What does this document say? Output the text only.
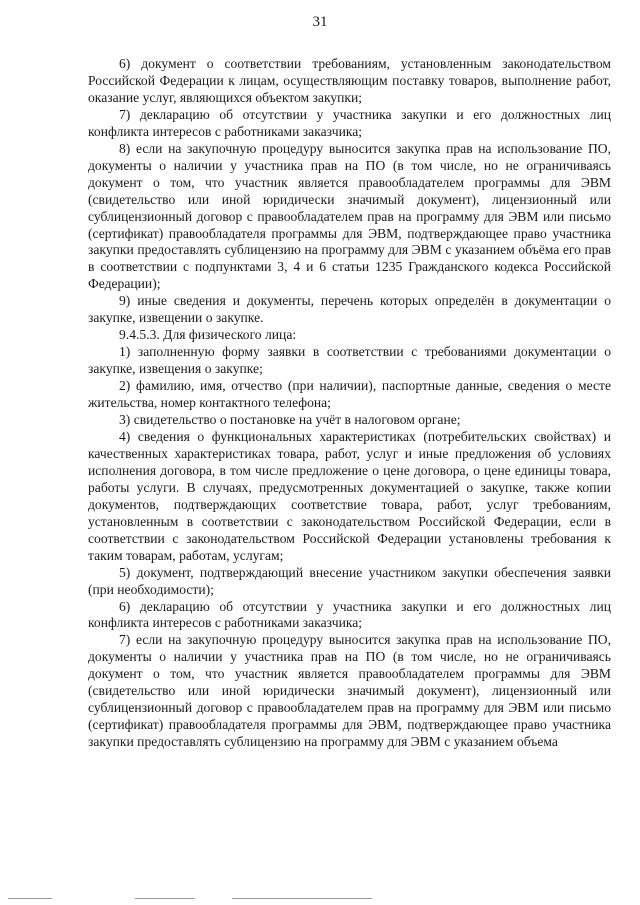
31

6) документ о соответствии требованиям, установленным законодательством Российской Федерации к лицам, осуществляющим поставку товаров, выполнение работ, оказание услуг, являющихся объектом закупки;

7) декларацию об отсутствии у участника закупки и его должностных лиц конфликта интересов с работниками заказчика;

8) если на закупочную процедуру выносится закупка прав на использование ПО, документы о наличии у участника прав на ПО (в том числе, но не ограничиваясь документ о том, что участник является правообладателем программы для ЭВМ (свидетельство или иной юридически значимый документ), лицензионный или сублицензионный договор с правообладателем прав на программу для ЭВМ или письмо (сертификат) правообладателя программы для ЭВМ, подтверждающее право участника закупки предоставлять сублицензию на программу для ЭВМ с указанием объёма его прав в соответствии с подпунктами 3, 4 и 6 статьи 1235 Гражданского кодекса Российской Федерации);

9) иные сведения и документы, перечень которых определён в документации о закупке, извещении о закупке.

9.4.5.3. Для физического лица:

1) заполненную форму заявки в соответствии с требованиями документации о закупке, извещения о закупке;

2) фамилию, имя, отчество (при наличии), паспортные данные, сведения о месте жительства, номер контактного телефона;

3) свидетельство о постановке на учёт в налоговом органе;

4) сведения о функциональных характеристиках (потребительских свойствах) и качественных характеристиках товара, работ, услуг и иные предложения об условиях исполнения договора, в том числе предложение о цене договора, о цене единицы товара, работы услуги. В случаях, предусмотренных документацией о закупке, также копии документов, подтверждающих соответствие товара, работ, услуг требованиям, установленным в соответствии с законодательством Российской Федерации, если в соответствии с законодательством Российской Федерации установлены требования к таким товарам, работам, услугам;

5) документ, подтверждающий внесение участником закупки обеспечения заявки (при необходимости);

6) декларацию об отсутствии у участника закупки и его должностных лиц конфликта интересов с работниками заказчика;

7) если на закупочную процедуру выносится закупка прав на использование ПО, документы о наличии у участника прав на ПО (в том числе, но не ограничиваясь документ о том, что участник является правообладателем программы для ЭВМ (свидетельство или иной юридически значимый документ), лицензионный или сублицензионный договор с правообладателем прав на программу для ЭВМ или письмо (сертификат) правообладателя программы для ЭВМ, подтверждающее право участника закупки предоставлять сублицензию на программу для ЭВМ с указанием объема
